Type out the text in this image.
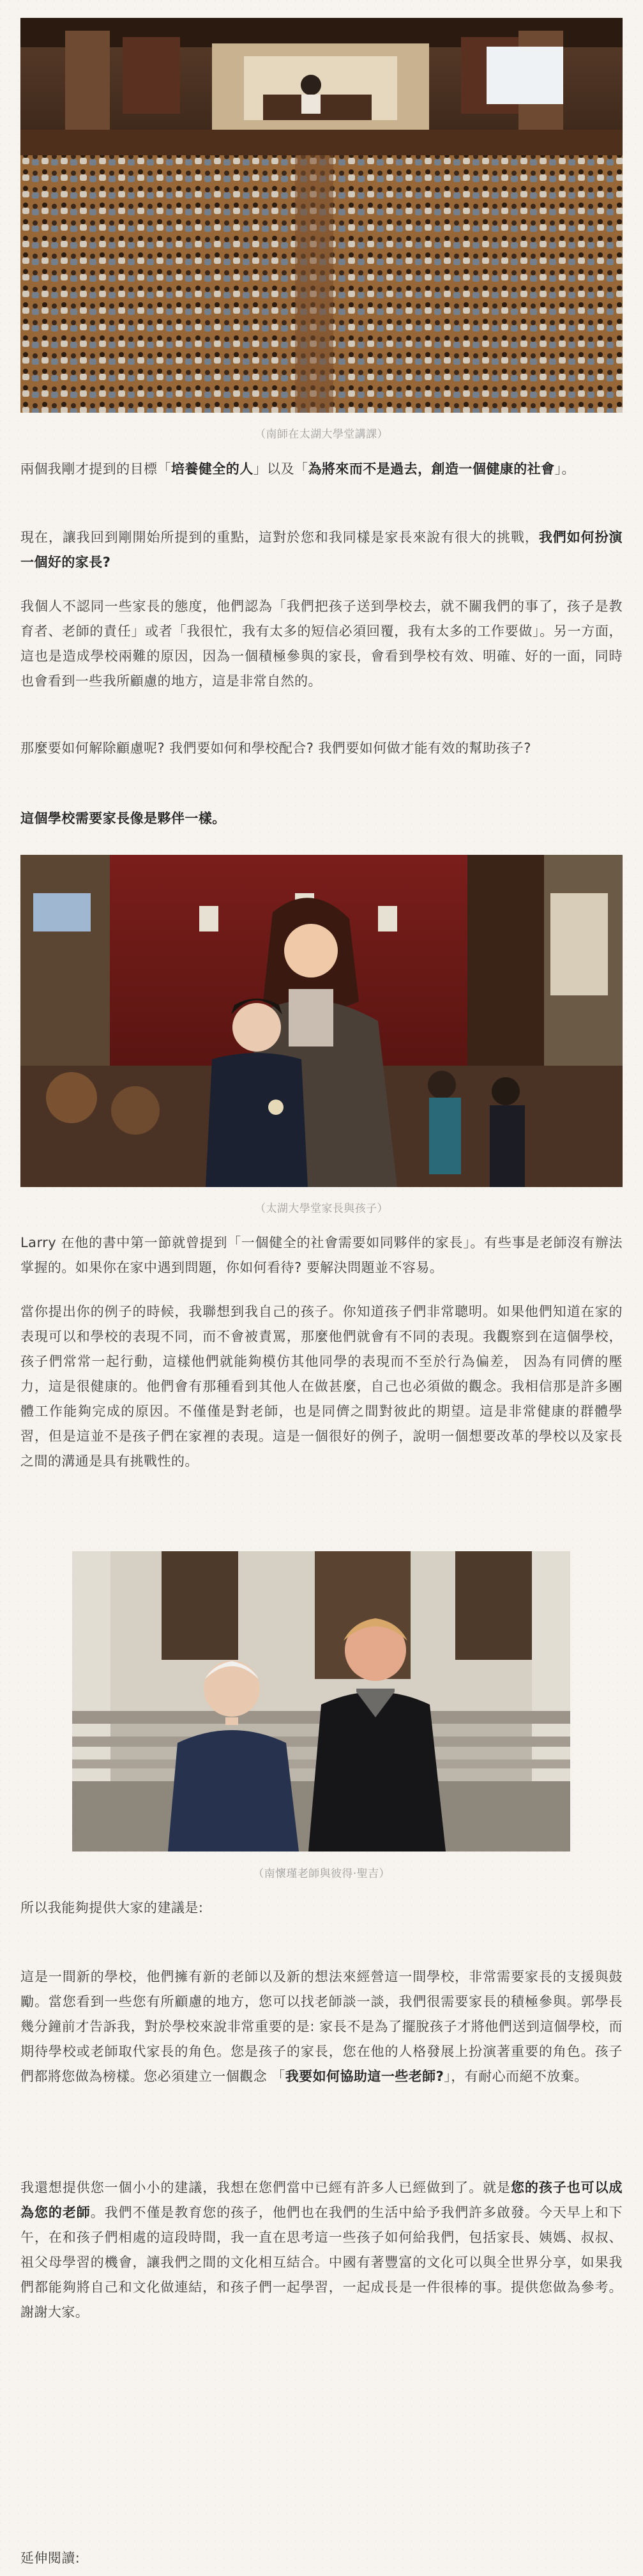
（南師在太湖大學堂講課）

兩個我剛才提到的目標「培養健全的人」以及「為將來而不是過去，創造一個健康的社會」。

現在，讓我回到剛開始所提到的重點，這對於您和我同樣是家長來說有很大的挑戰，我們如何扮演一個好的家長?

我個人不認同一些家長的態度，他們認為「我們把孩子送到學校去，就不關我們的事了，孩子是教育者、老師的責任」或者「我很忙，我有太多的短信必須回覆，我有太多的工作要做」。另一方面，這也是造成學校兩難的原因，因為一個積極參與的家長，會看到學校有效、明確、好的一面，同時也會看到一些我所顧慮的地方，這是非常自然的。

那麼要如何解除顧慮呢? 我們要如何和學校配合? 我們要如何做才能有效的幫助孩子?

這個學校需要家長像是夥伴一樣。

（太湖大學堂家長與孩子）

Larry 在他的書中第一節就曾提到「一個健全的社會需要如同夥伴的家長」。有些事是老師沒有辦法掌握的。如果你在家中遇到問題，你如何看待? 要解決問題並不容易。

當你提出你的例子的時候，我聯想到我自己的孩子。你知道孩子們非常聰明。如果他們知道在家的表現可以和學校的表現不同，而不會被責罵，那麼他們就會有不同的表現。我觀察到在這個學校，孩子們常常一起行動，這樣他們就能夠模仿其他同學的表現而不至於行為偏差， 因為有同儕的壓力，這是很健康的。他們會有那種看到其他人在做甚麼，自己也必須做的觀念。我相信那是許多團體工作能夠完成的原因。不僅僅是對老師，也是同儕之間對彼此的期望。這是非常健康的群體學習，但是這並不是孩子們在家裡的表現。這是一個很好的例子，說明一個想要改革的學校以及家長之間的溝通是具有挑戰性的。

（南懷瑾老師與彼得‧聖吉）

所以我能夠提供大家的建議是:

這是一間新的學校，他們擁有新的老師以及新的想法來經營這一間學校，非常需要家長的支援與鼓勵。當您看到一些您有所顧慮的地方，您可以找老師談一談，我們很需要家長的積極參與。郭學長幾分鐘前才告訴我，對於學校來說非常重要的是: 家長不是為了擺脫孩子才將他們送到這個學校，而期待學校或老師取代家長的角色。您是孩子的家長，您在他的人格發展上扮演著重要的角色。孩子們都將您做為榜樣。您必須建立一個觀念 「我要如何協助這一些老師?」，有耐心而絕不放棄。

我還想提供您一個小小的建議，我想在您們當中已經有許多人已經做到了。就是您的孩子也可以成為您的老師。我們不僅是教育您的孩子，他們也在我們的生活中給予我們許多啟發。今天早上和下午，在和孩子們相處的這段時間，我一直在思考這一些孩子如何給我們，包括家長、姨媽、叔叔、祖父母學習的機會，讓我們之間的文化相互結合。中國有著豐富的文化可以與全世界分享，如果我們都能夠將自己和文化做連結，和孩子們一起學習，一起成長是一件很棒的事。提供您做為參考。謝謝大家。

延伸閱讀:
